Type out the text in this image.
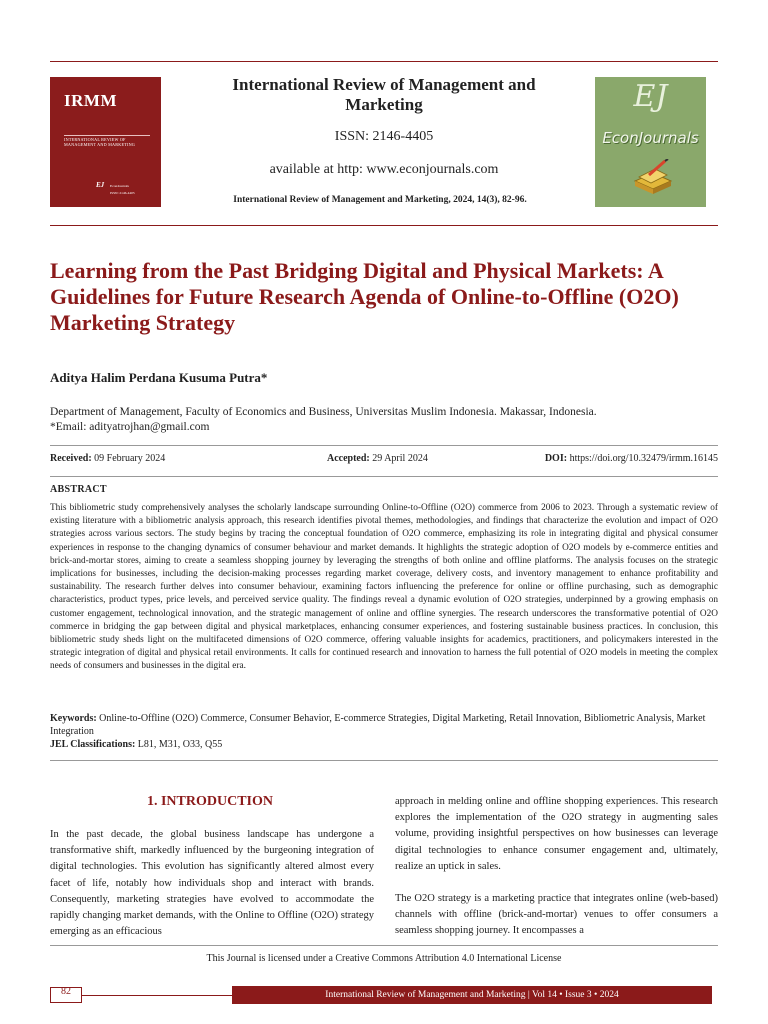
IRMM
INTERNATIONAL REVIEW OF MANAGEMENT AND MARKETING
EJ EconJournals
ISSN: 2146-4405
International Review of Management and Marketing
ISSN: 2146-4405
available at http: www.econjournals.com
International Review of Management and Marketing, 2024, 14(3), 82-96.
EJ
EconJournals
Learning from the Past Bridging Digital and Physical Markets: A Guidelines for Future Research Agenda of Online-to-Offline (O2O) Marketing Strategy
Aditya Halim Perdana Kusuma Putra*
Department of Management, Faculty of Economics and Business, Universitas Muslim Indonesia. Makassar, Indonesia.
*Email: adityatrojhan@gmail.com
Received: 09 February 2024	Accepted: 29 April 2024	DOI: https://doi.org/10.32479/irmm.16145
ABSTRACT
This bibliometric study comprehensively analyses the scholarly landscape surrounding Online-to-Offline (O2O) commerce from 2006 to 2023. Through a systematic review of existing literature with a bibliometric analysis approach, this research identifies pivotal themes, methodologies, and findings that characterize the evolution and impact of O2O strategies across various sectors. The study begins by tracing the conceptual foundation of O2O commerce, emphasizing its role in integrating digital and physical consumer experiences in response to the changing dynamics of consumer behaviour and market demands. It highlights the strategic adoption of O2O models by e-commerce entities and brick-and-mortar stores, aiming to create a seamless shopping journey by leveraging the strengths of both online and offline platforms. The analysis focuses on the strategic implications for businesses, including the decision-making processes regarding market coverage, delivery costs, and inventory management to enhance profitability and sustainability. The research further delves into consumer behaviour, examining factors influencing the preference for online or offline purchasing, such as demographic characteristics, product types, price levels, and perceived service quality. The findings reveal a dynamic evolution of O2O strategies, underpinned by a growing emphasis on customer engagement, technological innovation, and the strategic management of online and offline synergies. The research underscores the transformative potential of O2O commerce in bridging the gap between digital and physical marketplaces, enhancing consumer experiences, and fostering sustainable business practices. In conclusion, this bibliometric study sheds light on the multifaceted dimensions of O2O commerce, offering valuable insights for academics, practitioners, and policymakers interested in the strategic integration of digital and physical retail environments. It calls for continued research and innovation to harness the full potential of O2O models in meeting the complex needs of consumers and businesses in the digital era.
Keywords: Online-to-Offline (O2O) Commerce, Consumer Behavior, E-commerce Strategies, Digital Marketing, Retail Innovation, Bibliometric Analysis, Market Integration
JEL Classifications: L81, M31, O33, Q55
1. INTRODUCTION

In the past decade, the global business landscape has undergone a transformative shift, markedly influenced by the burgeoning integration of digital technologies. This evolution has significantly altered almost every facet of life, notably how individuals shop and interact with brands. Consequently, marketing strategies have evolved to accommodate the rapidly changing market demands, with the Online to Offline (O2O) strategy emerging as an efficacious

approach in melding online and offline shopping experiences. This research explores the implementation of the O2O strategy in augmenting sales volume, providing insightful perspectives on how businesses can leverage digital technologies to enhance consumer engagement and, ultimately, realize an uptick in sales.

The O2O strategy is a marketing practice that integrates online (web-based) channels with offline (brick-and-mortar) venues to offer consumers a seamless shopping journey. It encompasses a

This Journal is licensed under a Creative Commons Attribution 4.0 International License
82	International Review of Management and Marketing | Vol 14 • Issue 3 • 2024
